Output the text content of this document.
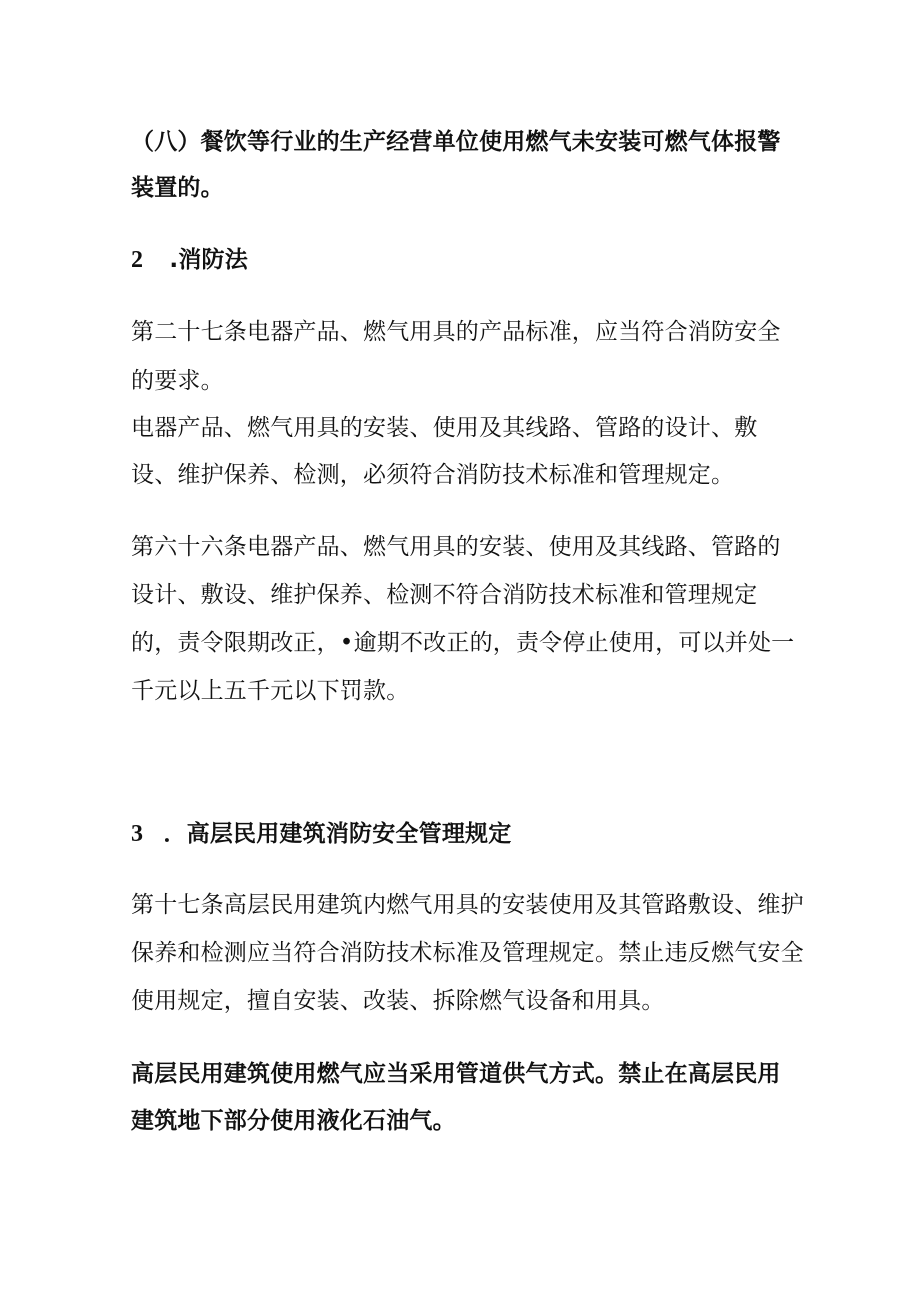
（八）餐饮等行业的生产经营单位使用燃气未安装可燃气体报警
装置的。
2 .消防法
第二十七条电器产品、燃气用具的产品标准，应当符合消防安全
的要求。
电器产品、燃气用具的安装、使用及其线路、管路的设计、敷
设、维护保养、检测，必须符合消防技术标准和管理规定。
第六十六条电器产品、燃气用具的安装、使用及其线路、管路的
设计、敷设、维护保养、检测不符合消防技术标准和管理规定
的，责令限期改正，•逾期不改正的，责令停止使用，可以并处一
千元以上五千元以下罚款。
3 ．高层民用建筑消防安全管理规定
第十七条高层民用建筑内燃气用具的安装使用及其管路敷设、维护
保养和检测应当符合消防技术标准及管理规定。禁止违反燃气安全
使用规定，擅自安装、改装、拆除燃气设备和用具。
高层民用建筑使用燃气应当采用管道供气方式。禁止在高层民用
建筑地下部分使用液化石油气。
